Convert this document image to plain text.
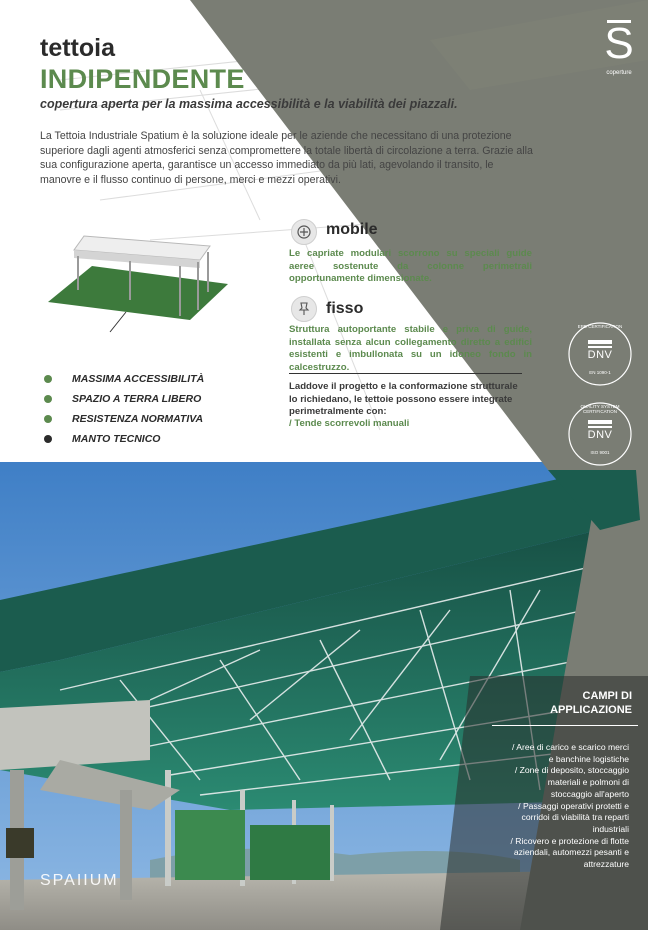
S
coperture
tettoia
INDIPENDENTE

copertura aperta per la massima accessibilità e la viabilità dei piazzali.

La Tettoia Industriale Spatium è la soluzione ideale per le aziende che necessitano di una protezione superiore dagli agenti atmosferici senza compromettere la totale libertà di circolazione a terra. Grazie alla sua configurazione aperta, garantisce un accesso immediato da più lati, agevolando il transito, le manovre e il flusso continuo di persone, merci e mezzi operativi.

MASSIMA ACCESSIBILITÀ
SPAZIO A TERRA LIBERO
RESISTENZA NORMATIVA
MANTO TECNICO
mobile

Le capriate modulari scorrono su speciali guide aeree sostenute da colonne perimetrali opportunamente dimensionate.

fisso

Struttura autoportante stabile e priva di guide, installata senza alcun collegamento diretto a edifici esistenti e imbullonata su un idoneo fondo in calcestruzzo.

Laddove il progetto e la conformazione strutturale lo richiedano, le tettoie possono essere integrate perimetralmente con:

/ Tende scorrevoli manuali

EPD CERTIFICATION
DNV
EN 1090-1
QUALITY SYSTEM CERTIFICATION
DNV
ISO 9001
CAMPI DI
APPLICAZIONE
/ Aree di carico e scarico merci
e banchine logistiche
/ Zone di deposito, stoccaggio
materiali e polmoni di
stoccaggio all'aperto
/ Passaggi operativi protetti e
corridoi di viabilità tra reparti
industriali
/ Ricovero e protezione di flotte
aziendali, automezzi pesanti e
attrezzature
SPAIIUM
